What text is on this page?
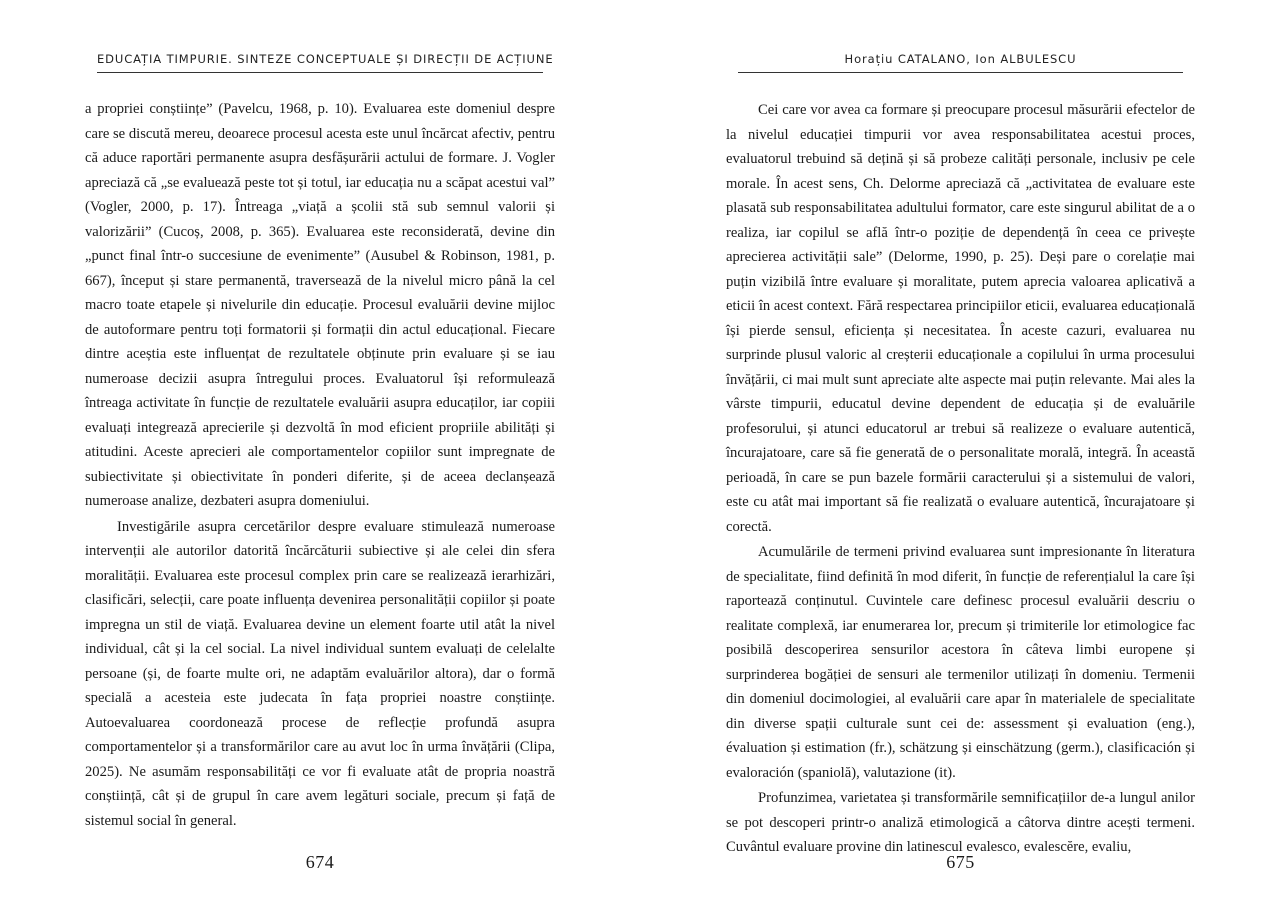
EDUCAȚIA TIMPURIE. SINTEZE CONCEPTUALE ȘI DIRECȚII DE ACȚIUNE

a propriei conștiințe” (Pavelcu, 1968, p. 10). Evaluarea este domeniul despre care se discută mereu, deoarece procesul acesta este unul încărcat afectiv, pentru că aduce raportări permanente asupra desfășurării actului de formare. J. Vogler apreciază că „se evaluează peste tot și totul, iar educația nu a scăpat acestui val” (Vogler, 2000, p. 17). Întreaga „viață a școlii stă sub semnul valorii și valorizării” (Cucoș, 2008, p. 365). Evaluarea este reconsiderată, devine din „punct final într-o succesiune de evenimente” (Ausubel & Robinson, 1981, p. 667), început și stare permanentă, traversează de la nivelul micro până la cel macro toate etapele și nivelurile din educație. Procesul evaluării devine mijloc de autoformare pentru toți formatorii și formații din actul educațional. Fiecare dintre aceștia este influențat de rezultatele obținute prin evaluare și se iau numeroase decizii asupra întregului proces. Evaluatorul își reformulează întreaga activitate în funcție de rezultatele evaluării asupra educaților, iar copiii evaluați integrează aprecierile și dezvoltă în mod eficient propriile abilități și atitudini. Aceste aprecieri ale comportamentelor copiilor sunt impregnate de subiectivitate și obiectivitate în ponderi diferite, și de aceea declanșează numeroase analize, dezbateri asupra domeniului.

Investigările asupra cercetărilor despre evaluare stimulează numeroase intervenții ale autorilor datorită încărcăturii subiective și ale celei din sfera moralității. Evaluarea este procesul complex prin care se realizează ierarhizări, clasificări, selecții, care poate influența devenirea personalității copiilor și poate impregna un stil de viață. Evaluarea devine un element foarte util atât la nivel individual, cât și la cel social. La nivel individual suntem evaluați de celelalte persoane (și, de foarte multe ori, ne adaptăm evaluărilor altora), dar o formă specială a acesteia este judecata în fața propriei noastre conștiințe. Autoevaluarea coordonează procese de reflecție profundă asupra comportamentelor și a transformărilor care au avut loc în urma învățării (Clipa, 2025). Ne asumăm responsabilități ce vor fi evaluate atât de propria noastră conștiință, cât și de grupul în care avem legături sociale, precum și față de sistemul social în general.

674
Horațiu CATALANO, Ion ALBULESCU

Cei care vor avea ca formare și preocupare procesul măsurării efectelor de la nivelul educației timpurii vor avea responsabilitatea acestui proces, evaluatorul trebuind să dețină și să probeze calități personale, inclusiv pe cele morale. În acest sens, Ch. Delorme apreciază că „activitatea de evaluare este plasată sub responsabilitatea adultului formator, care este singurul abilitat de a o realiza, iar copilul se află într-o poziție de dependență în ceea ce privește aprecierea activității sale” (Delorme, 1990, p. 25). Deși pare o corelație mai puțin vizibilă între evaluare și moralitate, putem aprecia valoarea aplicativă a eticii în acest context. Fără respectarea principiilor eticii, evaluarea educațională își pierde sensul, eficiența și necesitatea. În aceste cazuri, evaluarea nu surprinde plusul valoric al creșterii educaționale a copilului în urma procesului învățării, ci mai mult sunt apreciate alte aspecte mai puțin relevante. Mai ales la vârste timpurii, educatul devine dependent de educația și de evaluările profesorului, și atunci educatorul ar trebui să realizeze o evaluare autentică, încurajatoare, care să fie generată de o personalitate morală, integră. În această perioadă, în care se pun bazele formării caracterului și a sistemului de valori, este cu atât mai important să fie realizată o evaluare autentică, încurajatoare și corectă.

Acumulările de termeni privind evaluarea sunt impresionante în literatura de specialitate, fiind definită în mod diferit, în funcție de referențialul la care își raportează conținutul. Cuvintele care definesc procesul evaluării descriu o realitate complexă, iar enumerarea lor, precum și trimiterile lor etimologice fac posibilă descoperirea sensurilor acestora în câteva limbi europene și surprinderea bogăției de sensuri ale termenilor utilizați în domeniu. Termenii din domeniul docimologiei, al evaluării care apar în materialele de specialitate din diverse spații culturale sunt cei de: assessment și evaluation (eng.), évaluation și estimation (fr.), schätzung și einschätzung (germ.), clasificación și evaloración (spaniolă), valutazione (it).

Profunzimea, varietatea și transformările semnificațiilor de-a lungul anilor se pot descoperi printr-o analiză etimologică a câtorva dintre acești termeni. Cuvântul evaluare provine din latinescul evalesco, evalescĕre, evaliu,

675
